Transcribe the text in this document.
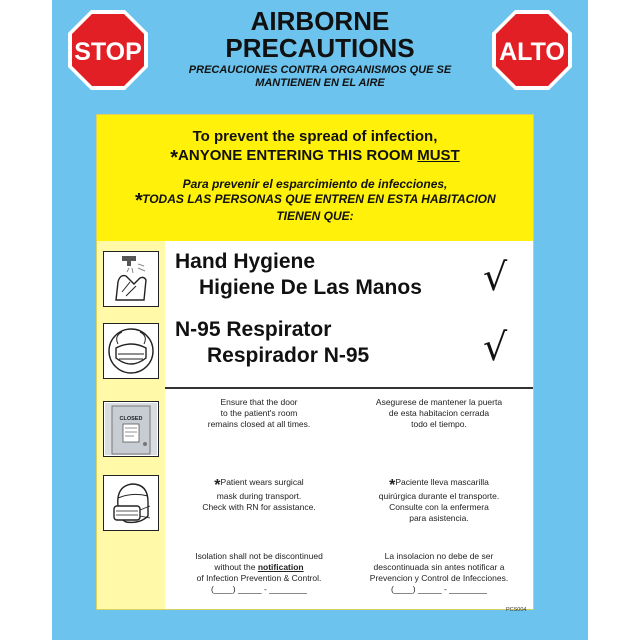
STOP
AIRBORNE
PRECAUTIONS
PRECAUCIONES CONTRA ORGANISMOS QUE SE
MANTIENEN EN EL AIRE
ALTO
To prevent the spread of infection,
*ANYONE ENTERING THIS ROOM MUST
Para prevenir el esparcimiento de infecciones,
*TODAS LAS PERSONAS QUE ENTREN EN ESTA HABITACION
TIENEN QUE:
CLOSED
Hand Hygiene
Higiene De Las Manos √
N-95 Respirator
Respirador N-95	√
Ensure that the door
to the patient's room
remains closed at all times.
Asegurese de mantener la puerta
de esta habitacion cerrada
todo el tiempo.
*Patient wears surgical
mask during transport.
Check with RN for assistance.
*Paciente lleva mascarilla
quirúrgica durante el transporte.
Consulte con la enfermera
para asistencia.
Isolation shall not be discontinued
without the notification
of Infection Prevention & Control.
(____) _____ - ________
La insolacion no debe de ser
descontinuada sin antes notificar a
Prevencion y Control de Infecciones.
(____) _____ - ________
PCS004
